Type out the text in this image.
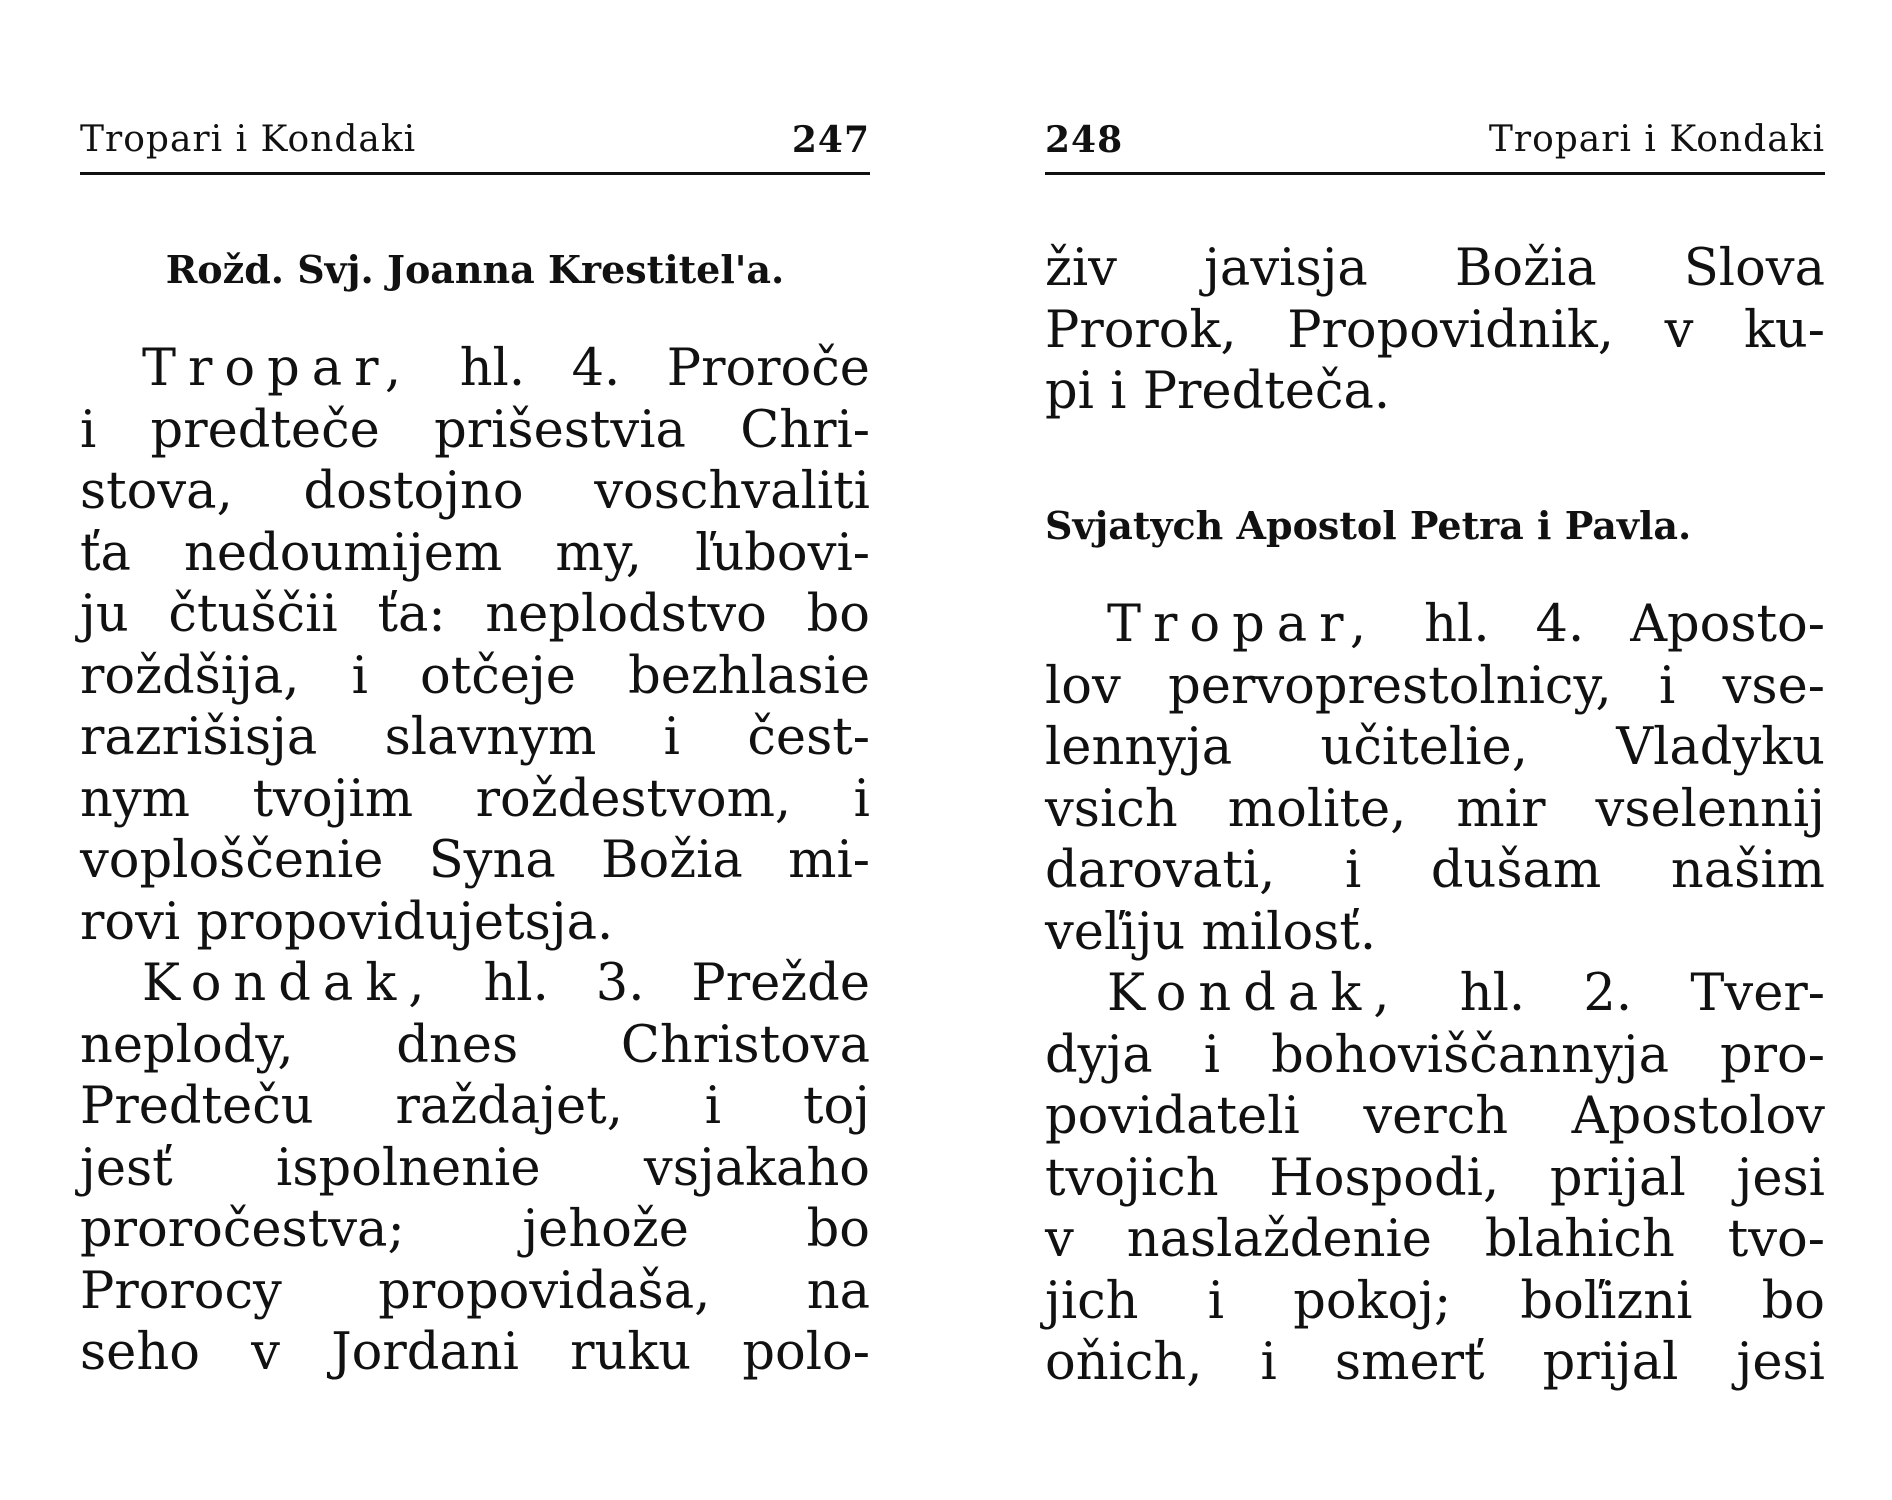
Tropari i Kondaki	247
Rožd. Svj. Joanna Krestitel'a.
Tropar, hl. 4. Proroče
i predteče prišestvia Chri-
stova, dostojno voschvaliti
ťa nedoumijem my, ľubovi-
ju čtuščii ťa: neplodstvo bo
roždšija, i otčeje bezhlasie
razrišisja slavnym i čest-
nym tvojim roždestvom, i
voploščenie Syna Božia mi-
rovi propovidujetsja.
Kondak, hl. 3. Prežde
neplody, dnes Christova
Predteču raždajet, i toj
jesť ispolnenie vsjakaho
proročestva; jehože bo
Prorocy propovidaša, na
seho v Jordani ruku polo-
248	Tropari i Kondaki
živ javisja Božia Slova
Prorok, Propovidnik, v ku-
pi i Predteča.
Svjatych Apostol Petra i Pavla.
Tropar, hl. 4. Aposto-
lov pervoprestolnicy, i vse-
lennyja učitelie, Vladyku
vsich molite, mir vselennij
darovati, i dušam našim
veľiju milosť.
Kondak, hl. 2. Tver-
dyja i bohoviščannyja pro-
povidateli verch Apostolov
tvojich Hospodi, prijal jesi
v naslaždenie blahich tvo-
jich i pokoj; boľizni bo
oňich, i smerť prijal jesi
